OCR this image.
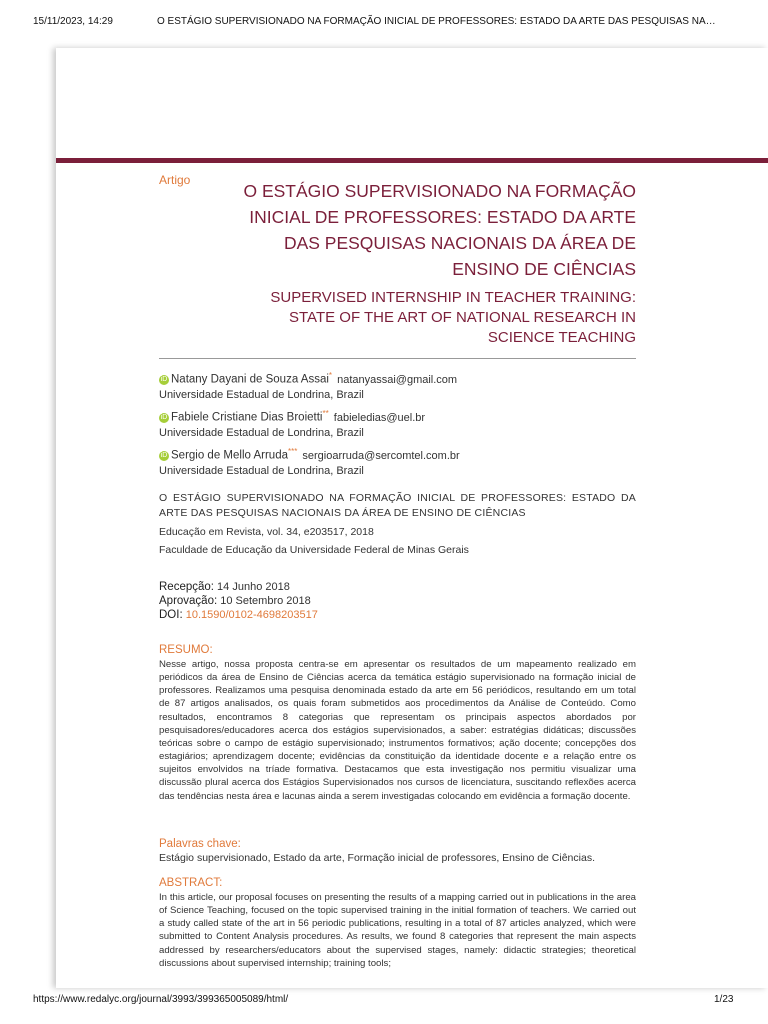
15/11/2023, 14:29	O ESTÁGIO SUPERVISIONADO NA FORMAÇÃO INICIAL DE PROFESSORES: ESTADO DA ARTE DAS PESQUISAS NA…
Artigo
O ESTÁGIO SUPERVISIONADO NA FORMAÇÃO
INICIAL DE PROFESSORES: ESTADO DA ARTE
DAS PESQUISAS NACIONAIS DA ÁREA DE
ENSINO DE CIÊNCIAS
SUPERVISED INTERNSHIP IN TEACHER TRAINING:
STATE OF THE ART OF NATIONAL RESEARCH IN
SCIENCE TEACHING
iD Natany Dayani de Souza Assai* natanyassai@gmail.com
Universidade Estadual de Londrina, Brazil
iD Fabiele Cristiane Dias Broietti** fabieledias@uel.br
Universidade Estadual de Londrina, Brazil
iD Sergio de Mello Arruda*** sergioarruda@sercomtel.com.br
Universidade Estadual de Londrina, Brazil
O ESTÁGIO SUPERVISIONADO NA FORMAÇÃO INICIAL DE PROFESSORES: ESTADO DA ARTE DAS PESQUISAS NACIONAIS DA ÁREA DE ENSINO DE CIÊNCIAS
Educação em Revista, vol. 34, e203517, 2018
Faculdade de Educação da Universidade Federal de Minas Gerais
Recepção: 14 Junho 2018
Aprovação: 10 Setembro 2018
DOI: 10.1590/0102-4698203517
RESUMO:
Nesse artigo, nossa proposta centra-se em apresentar os resultados de um mapeamento realizado em periódicos da área de Ensino de Ciências acerca da temática estágio supervisionado na formação inicial de professores. Realizamos uma pesquisa denominada estado da arte em 56 periódicos, resultando em um total de 87 artigos analisados, os quais foram submetidos aos procedimentos da Análise de Conteúdo. Como resultados, encontramos 8 categorias que representam os principais aspectos abordados por pesquisadores/educadores acerca dos estágios supervisionados, a saber: estratégias didáticas; discussões teóricas sobre o campo de estágio supervisionado; instrumentos formativos; ação docente; concepções dos estagiários; aprendizagem docente; evidências da constituição da identidade docente e a relação entre os sujeitos envolvidos na tríade formativa. Destacamos que esta investigação nos permitiu visualizar uma discussão plural acerca dos Estágios Supervisionados nos cursos de licenciatura, suscitando reflexões acerca das tendências nesta área e lacunas ainda a serem investigadas colocando em evidência a formação docente.
Palavras chave:
Estágio supervisionado, Estado da arte, Formação inicial de professores, Ensino de Ciências.
ABSTRACT:
In this article, our proposal focuses on presenting the results of a mapping carried out in publications in the area of Science Teaching, focused on the topic supervised training in the initial formation of teachers. We carried out a study called state of the art in 56 periodic publications, resulting in a total of 87 articles analyzed, which were submitted to Content Analysis procedures. As results, we found 8 categories that represent the main aspects addressed by researchers/educators about the supervised stages, namely: didactic strategies; theoretical discussions about supervised internship; training tools;
https://www.redalyc.org/journal/3993/399365005089/html/	1/23
